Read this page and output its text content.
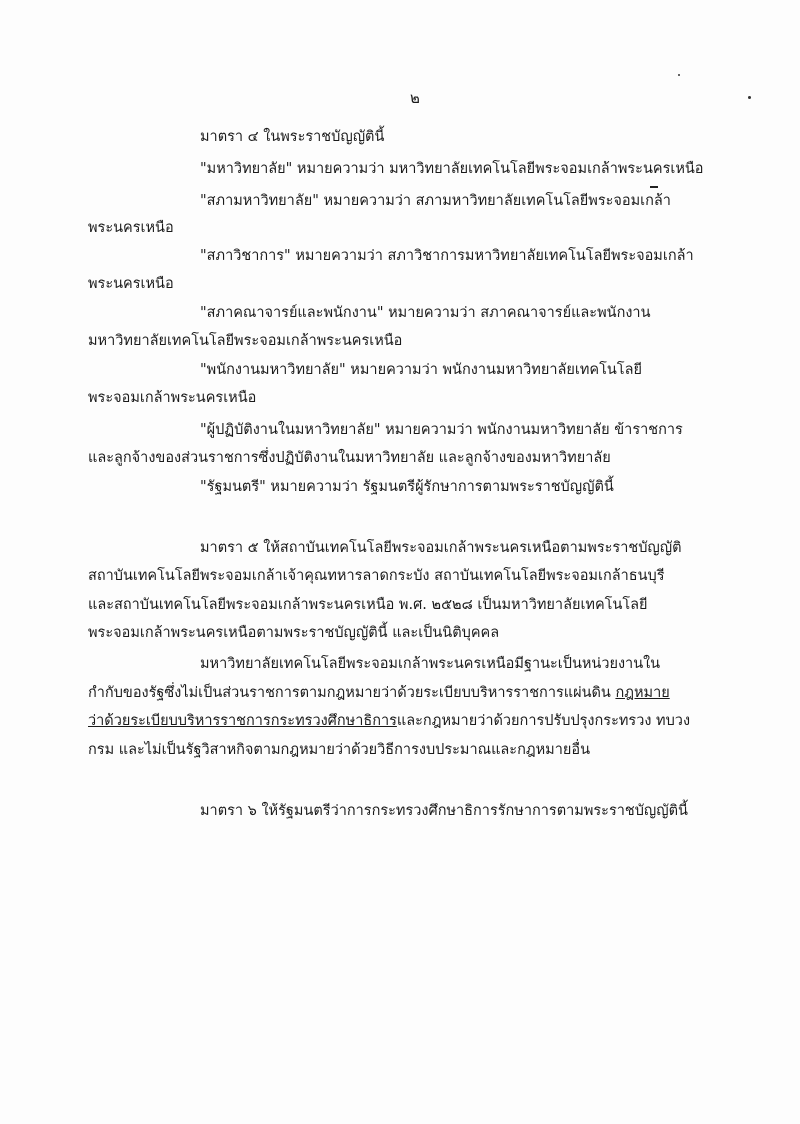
๒
มาตรา ๔ ในพระราชบัญญัตินี้
"มหาวิทยาลัย" หมายความว่า มหาวิทยาลัยเทคโนโลยีพระจอมเกล้าพระนครเหนือ
"สภามหาวิทยาลัย" หมายความว่า สภามหาวิทยาลัยเทคโนโลยีพระจอมเกล้า
พระนครเหนือ
"สภาวิชาการ" หมายความว่า สภาวิชาการมหาวิทยาลัยเทคโนโลยีพระจอมเกล้า
พระนครเหนือ
"สภาคณาจารย์และพนักงาน" หมายความว่า สภาคณาจารย์และพนักงาน
มหาวิทยาลัยเทคโนโลยีพระจอมเกล้าพระนครเหนือ
"พนักงานมหาวิทยาลัย" หมายความว่า พนักงานมหาวิทยาลัยเทคโนโลยี
พระจอมเกล้าพระนครเหนือ
"ผู้ปฏิบัติงานในมหาวิทยาลัย" หมายความว่า พนักงานมหาวิทยาลัย ข้าราชการ
และลูกจ้างของส่วนราชการซึ่งปฏิบัติงานในมหาวิทยาลัย และลูกจ้างของมหาวิทยาลัย
"รัฐมนตรี" หมายความว่า รัฐมนตรีผู้รักษาการตามพระราชบัญญัตินี้
มาตรา ๕ ให้สถาบันเทคโนโลยีพระจอมเกล้าพระนครเหนือตามพระราชบัญญัติ
สถาบันเทคโนโลยีพระจอมเกล้าเจ้าคุณทหารลาดกระบัง สถาบันเทคโนโลยีพระจอมเกล้าธนบุรี
และสถาบันเทคโนโลยีพระจอมเกล้าพระนครเหนือ พ.ศ. ๒๕๒๘ เป็นมหาวิทยาลัยเทคโนโลยี
พระจอมเกล้าพระนครเหนือตามพระราชบัญญัตินี้ และเป็นนิติบุคคล
มหาวิทยาลัยเทคโนโลยีพระจอมเกล้าพระนครเหนือมีฐานะเป็นหน่วยงานใน
กำกับของรัฐซึ่งไม่เป็นส่วนราชการตามกฎหมายว่าด้วยระเบียบบริหารราชการแผ่นดิน กฎหมาย
ว่าด้วยระเบียบบริหารราชการกระทรวงศึกษาธิการและกฎหมายว่าด้วยการปรับปรุงกระทรวง ทบวง
กรม และไม่เป็นรัฐวิสาหกิจตามกฎหมายว่าด้วยวิธีการงบประมาณและกฎหมายอื่น
มาตรา ๖ ให้รัฐมนตรีว่าการกระทรวงศึกษาธิการรักษาการตามพระราชบัญญัตินี้
